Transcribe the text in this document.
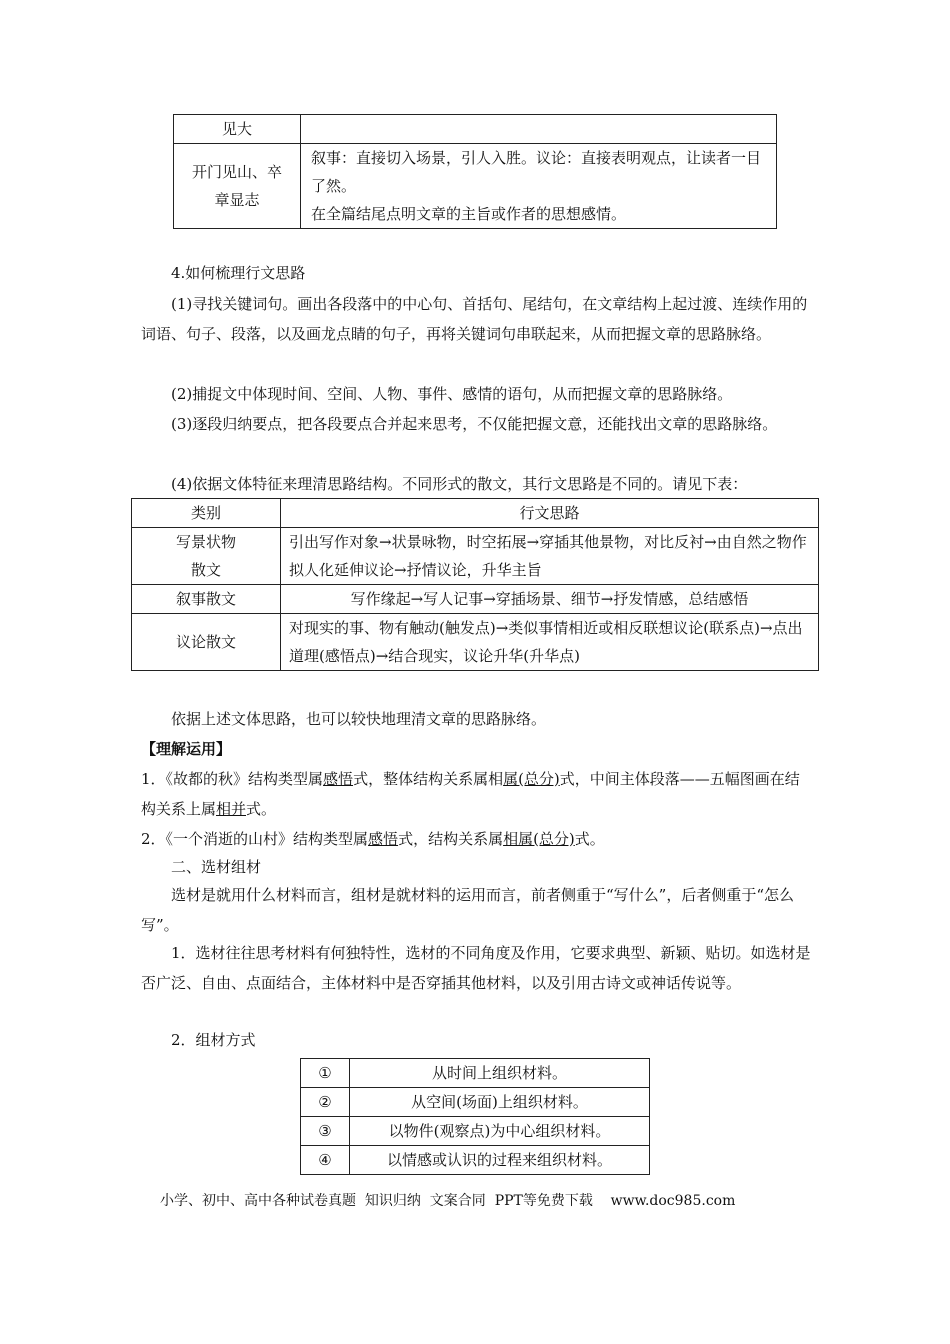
见大	
开门见山、卒章显志	叙事：直接切入场景，引人入胜。议论：直接表明观点，让读者一目了然。
在全篇结尾点明文章的主旨或作者的思想感情。
4.如何梳理行文思路
(1)寻找关键词句。画出各段落中的中心句、首括句、尾结句，在文章结构上起过渡、连续作用的词语、句子、段落，以及画龙点睛的句子，再将关键词句串联起来，从而把握文章的思路脉络。
(2)捕捉文中体现时间、空间、人物、事件、感情的语句，从而把握文章的思路脉络。
(3)逐段归纳要点，把各段要点合并起来思考，不仅能把握文意，还能找出文章的思路脉络。
(4)依据文体特征来理清思路结构。不同形式的散文，其行文思路是不同的。请见下表：
类别	行文思路
写景状物散文	引出写作对象→状景咏物，时空拓展→穿插其他景物，对比反衬→由自然之物作拟人化延伸议论→抒情议论，升华主旨
叙事散文	写作缘起→写人记事→穿插场景、细节→抒发情感，总结感悟
议论散文	对现实的事、物有触动(触发点)→类似事情相近或相反联想议论(联系点)→点出道理(感悟点)→结合现实，议论升华(升华点)
依据上述文体思路，也可以较快地理清文章的思路脉络。
【理解运用】
1．《故都的秋》结构类型属感悟式，整体结构关系属相属(总分)式，中间主体段落——五幅图画在结构关系上属相并式。
2．《一个消逝的山村》结构类型属感悟式，结构关系属相属(总分)式。
二、选材组材
选材是就用什么材料而言，组材是就材料的运用而言，前者侧重于“写什么”，后者侧重于“怎么写”。
1．选材往往思考材料有何独特性，选材的不同角度及作用，它要求典型、新颖、贴切。如选材是否广泛、自由、点面结合，主体材料中是否穿插其他材料，以及引用古诗文或神话传说等。
2．组材方式
①	从时间上组织材料。
②	从空间(场面)上组织材料。
③	以物件(观察点)为中心组织材料。
④	以情感或认识的过程来组织材料。
小学、初中、高中各种试卷真题  知识归纳  文案合同  PPT等免费下载    www.doc985.com
